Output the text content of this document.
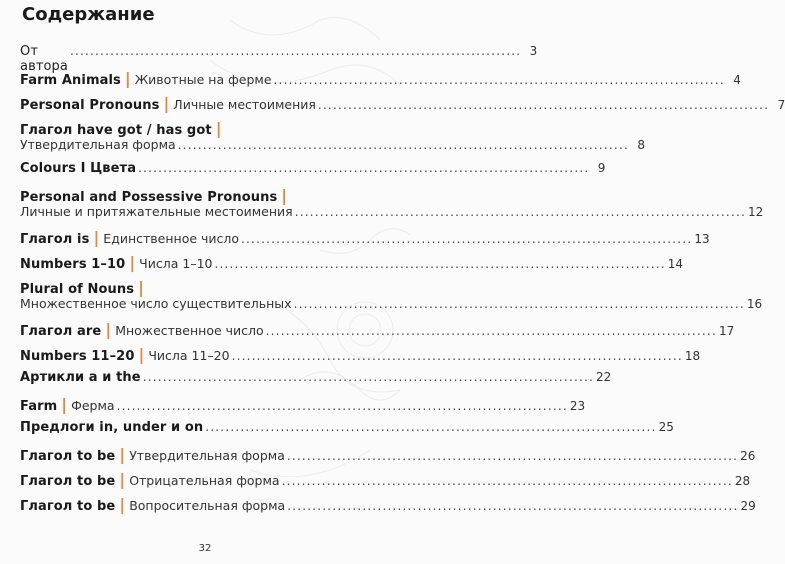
Содержание
От автора
.......................................................................................... 3
Farm Animals | Животные на ферме .......................................................................................... 4
Personal Pronouns | Личные местоимения .......................................................................................... 7
Глагол have got / has got |
Утвердительная форма .......................................................................................... 8
Colours I Цвета .......................................................................................... 9
Personal and Possessive Pronouns |
Личные и притяжательные местоимения .......................................................................................... 12
Глагол is | Единственное число .......................................................................................... 13
Numbers 1–10 | Числа 1–10 .......................................................................................... 14
Plural of Nouns |
Множественное число существительных .......................................................................................... 16
Глагол are | Множественное число .......................................................................................... 17
Numbers 11–20 | Числа 11–20 .......................................................................................... 18
Артикли a и the .......................................................................................... 22
Farm | Ферма .......................................................................................... 23
Предлоги in, under и on .......................................................................................... 25
Глагол to be | Утвердительная форма .......................................................................................... 26
Глагол to be | Отрицательная форма .......................................................................................... 28
Глагол to be | Вопросительная форма .......................................................................................... 29
32
